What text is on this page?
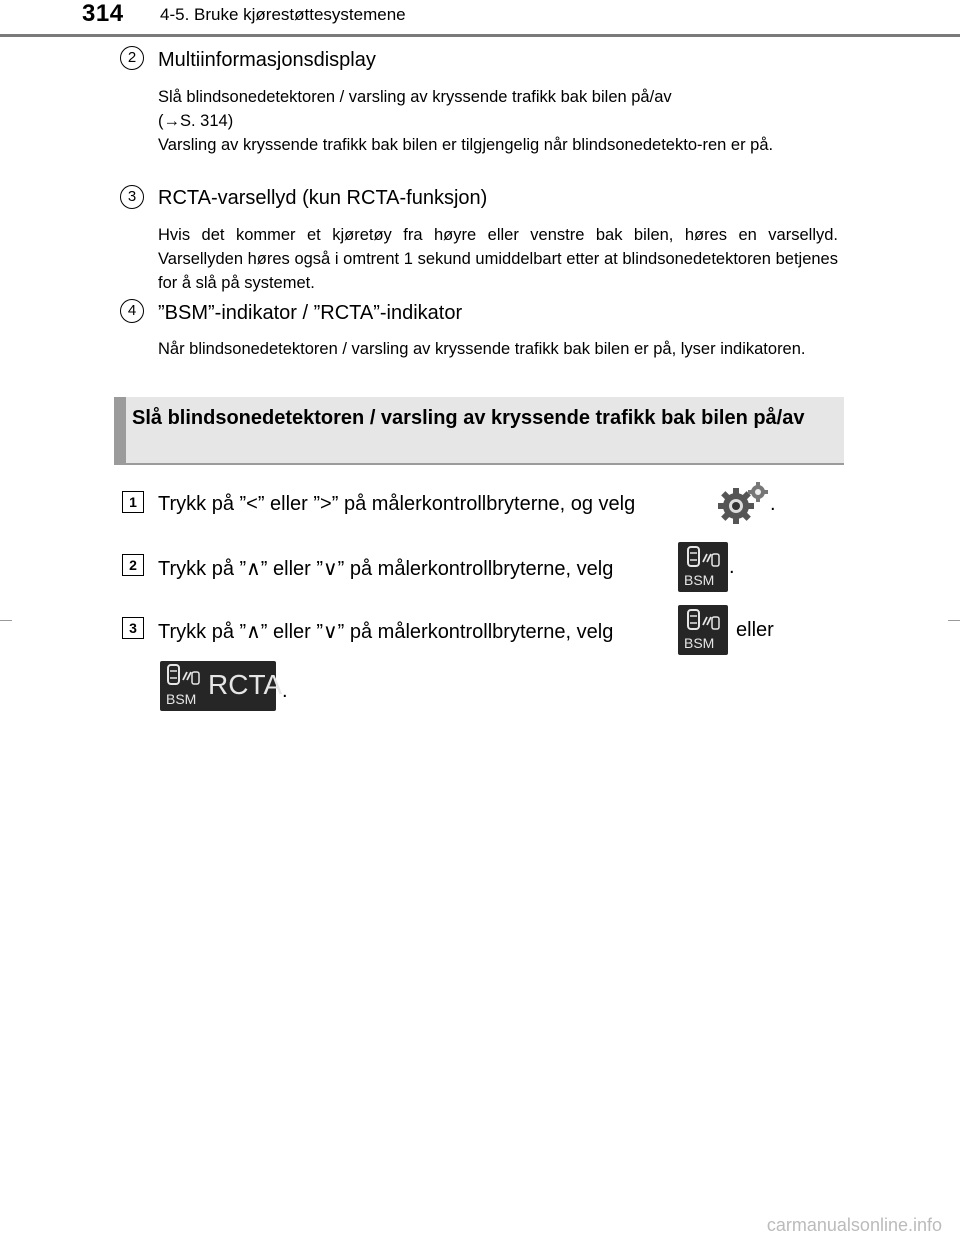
314 4-5. Bruke kjørestøttesystemene
2	Multiinformasjonsdisplay
Slå blindsonedetektoren / varsling av kryssende trafikk bak bilen på/av
(→S. 314)
Varsling av kryssende trafikk bak bilen er tilgjengelig når blindsonedetekto-ren er på.
3	RCTA-varsellyd (kun RCTA-funksjon)

Hvis det kommer et kjøretøy fra høyre eller venstre bak bilen, høres en varsellyd. Varsellyden høres også i omtrent 1 sekund umiddelbart etter at blindsonedetektoren betjenes for å slå på systemet.

4	”BSM”-indikator / ”RCTA”-indikator

Når blindsonedetektoren / varsling av kryssende trafikk bak bilen er på, lyser indikatoren.

Slå blindsonedetektoren / varsling av kryssende trafikk bak bilen på/av
1	Trykk på ”<” eller ”>” på målerkontrollbryterne, og velg	.
2	Trykk på ”∧” eller ”∨” på målerkontrollbryterne, velg	BSM
.
3	Trykk på ”∧” eller ”∨” på målerkontrollbryterne, velg	BSM
eller
BSM RCTA .
carmanualsonline.info
